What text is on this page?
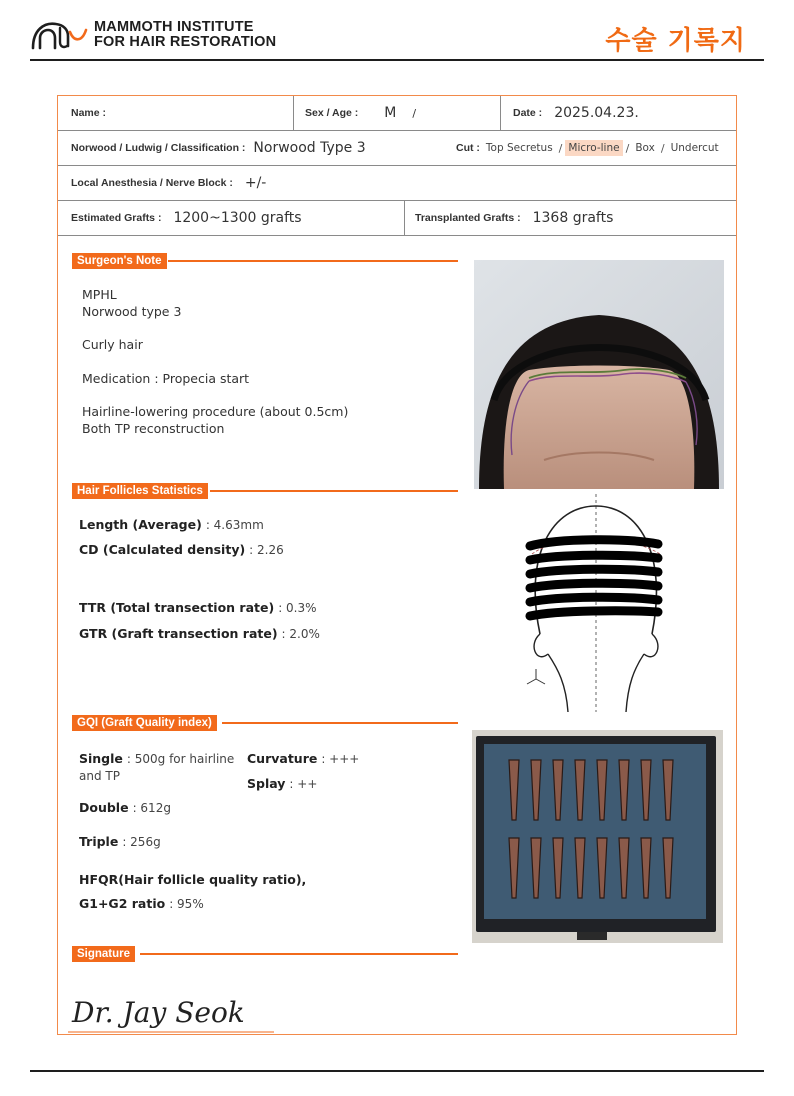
MAMMOTH INSTITUTE
FOR HAIR RESTORATION	수술 기록지
Name :	Sex / Age : M /	Date : 2025.04.23.
Norwood / Ludwig / Classification : Norwood Type 3	Cut : Top Secretus / Micro-line / Box / Undercut
Local Anesthesia / Nerve Block : +/-
Estimated Grafts : 1200~1300 grafts	Transplanted Grafts : 1368 grafts
Surgeon's Note
MPHL
Norwood type 3
Curly hair
Medication : Propecia start
Hairline-lowering procedure (about 0.5cm)
Both TP reconstruction
Hair Follicles Statistics
Length (Average) : 4.63mm
CD (Calculated density) : 2.26
TTR (Total transection rate) : 0.3%
GTR (Graft transection rate) : 2.0%
GQI (Graft Quality index)
Single : 500g for hairline
and TP
Curvature : +++
Splay : ++
Double : 612g
Triple : 256g
HFQR(Hair follicle quality ratio),
G1+G2 ratio : 95%
Signature
Dr. Jay Seok
